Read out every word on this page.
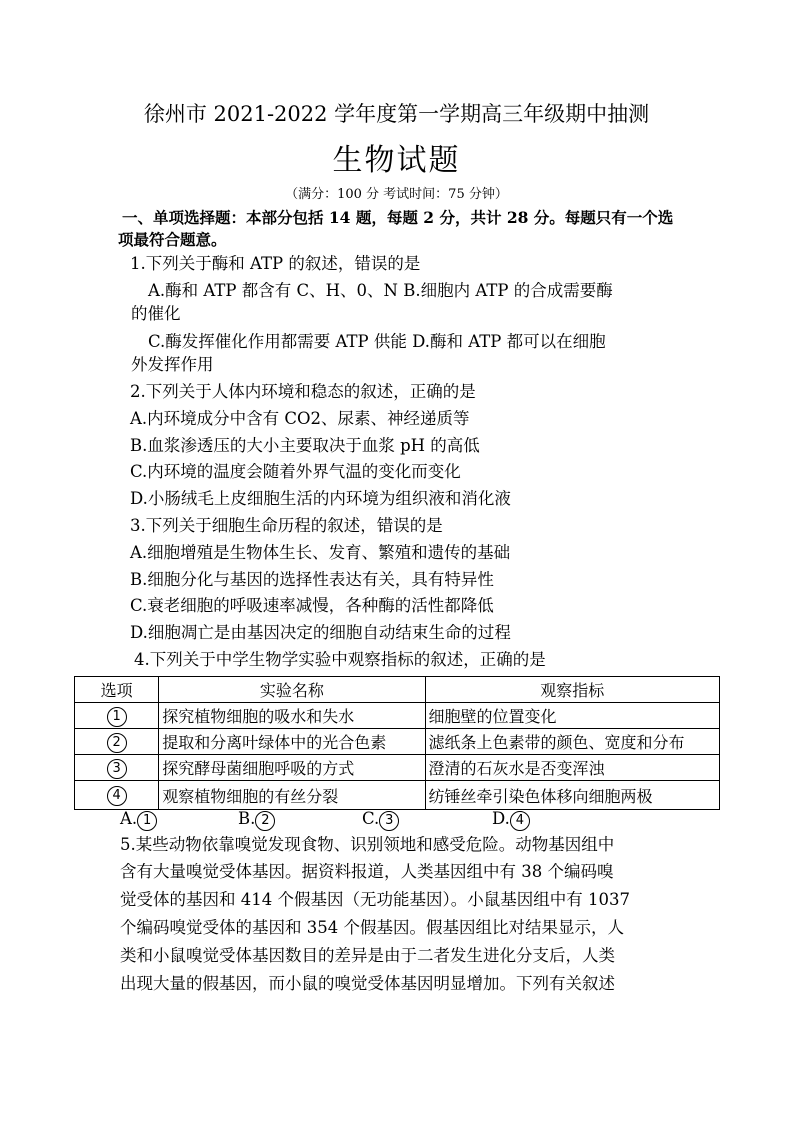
徐州市 2021-2022 学年度第一学期高三年级期中抽测
生物试题
（满分：100 分 考试时间：75 分钟）
一、单项选择题：本部分包括 14 题，每题 2 分，共计 28 分。每题只有一个选
项最符合题意。
1.下列关于酶和 ATP 的叙述，错误的是
A.酶和 ATP 都含有 C、H、0、N B.细胞内 ATP 的合成需要酶
的催化
C.酶发挥催化作用都需要 ATP 供能 D.酶和 ATP 都可以在细胞
外发挥作用
2.下列关于人体内环境和稳态的叙述，正确的是
A.内环境成分中含有 CO2、尿素、神经递质等
B.血浆渗透压的大小主要取决于血浆 pH 的高低
C.内环境的温度会随着外界气温的变化而变化
D.小肠绒毛上皮细胞生活的内环境为组织液和消化液
3.下列关于细胞生命历程的叙述，错误的是
A.细胞增殖是生物体生长、发育、繁殖和遗传的基础
B.细胞分化与基因的选择性表达有关，具有特异性
C.衰老细胞的呼吸速率减慢，各种酶的活性都降低
D.细胞凋亡是由基因决定的细胞自动结束生命的过程
4.下列关于中学生物学实验中观察指标的叙述，正确的是
选项	实验名称	观察指标
1	探究植物细胞的吸水和失水	细胞壁的位置变化
2	提取和分离叶绿体中的光合色素	滤纸条上色素带的颜色、宽度和分布
3	探究酵母菌细胞呼吸的方式	澄清的石灰水是否变浑浊
4	观察植物细胞的有丝分裂	纺锤丝牵引染色体移向细胞两极
A. 1	B. 2	C. 3	D. 4
5.某些动物依靠嗅觉发现食物、识别领地和感受危险。动物基因组中
含有大量嗅觉受体基因。据资料报道，人类基因组中有 38 个编码嗅
觉受体的基因和 414 个假基因（无功能基因）。小鼠基因组中有 1037
个编码嗅觉受体的基因和 354 个假基因。假基因组比对结果显示，人
类和小鼠嗅觉受体基因数目的差异是由于二者发生进化分支后，人类
出现大量的假基因，而小鼠的嗅觉受体基因明显增加。下列有关叙述
